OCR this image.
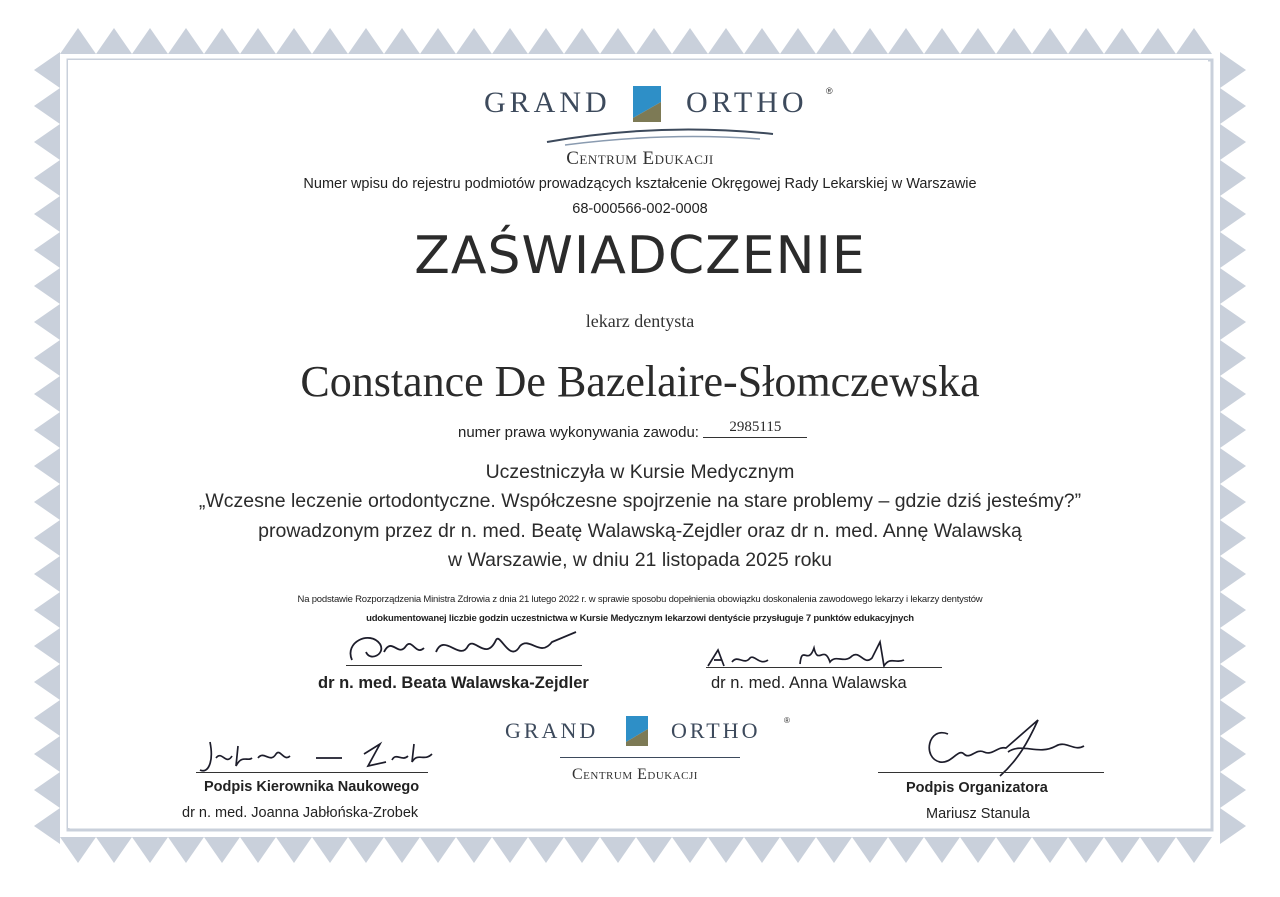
GRAND	ORTHO ®
Centrum Edukacji
Numer wpisu do rejestru podmiotów prowadzących kształcenie Okręgowej Rady Lekarskiej w Warszawie
68-000566-002-0008
ZAŚWIADCZENIE
lekarz dentysta
Constance De Bazelaire-Słomczewska
numer prawa wykonywania zawodu: 2985115
Uczestniczyła w Kursie Medycznym
„Wczesne leczenie ortodontyczne. Współczesne spojrzenie na stare problemy – gdzie dziś jesteśmy?”
prowadzonym przez dr n. med. Beatę Walawską-Zejdler oraz dr n. med. Annę Walawską
w Warszawie, w dniu 21 listopada 2025 roku
Na podstawie Rozporządzenia Ministra Zdrowia z dnia 21 lutego 2022 r. w sprawie sposobu dopełnienia obowiązku doskonalenia zawodowego lekarzy i lekarzy dentystów
udokumentowanej liczbie godzin uczestnictwa w Kursie Medycznym lekarzowi dentyście przysługuje 7 punktów edukacyjnych
dr n. med. Beata Walawska-Zejdler	dr n. med. Anna Walawska
Podpis Kierownika Naukowego
dr n. med. Joanna Jabłońska-Zrobek
GRAND	ORTHO	®
Centrum Edukacji
Podpis Organizatora
Mariusz Stanula
